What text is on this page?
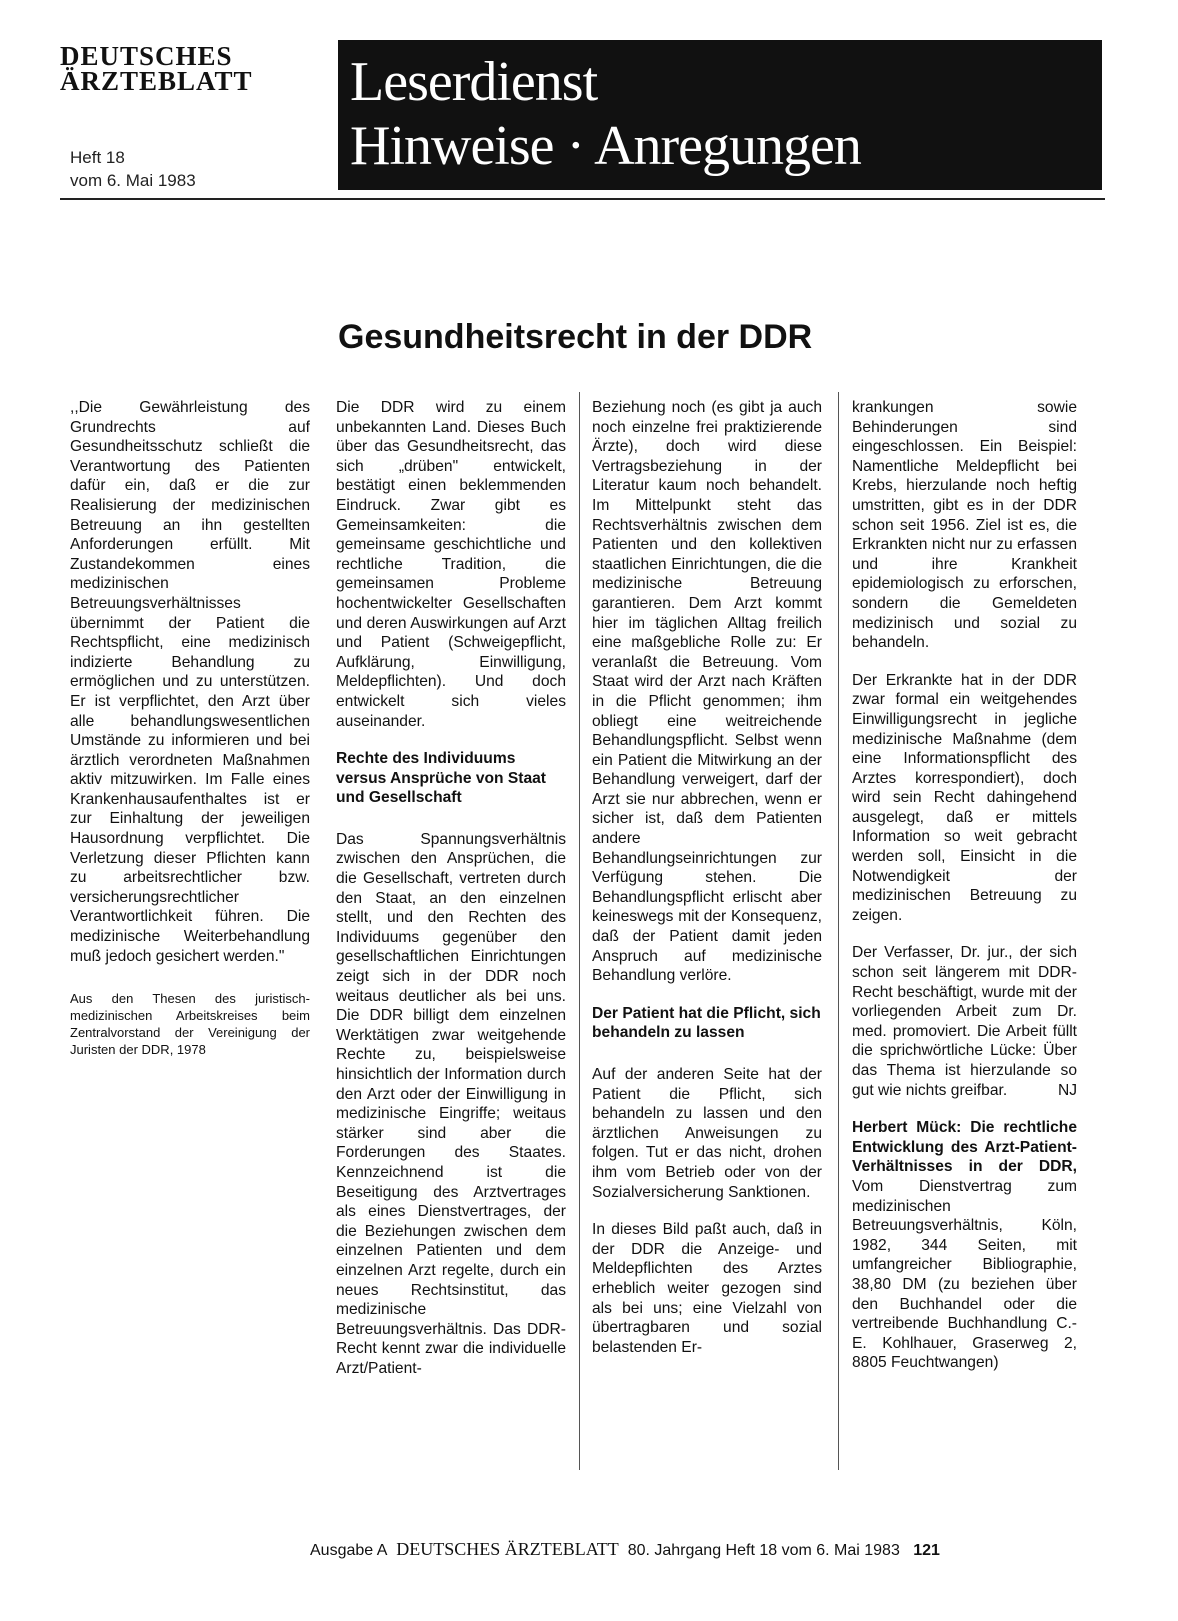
DEUTSCHES
ÄRZTEBLATT
Heft 18
vom 6. Mai 1983
Leserdienst
Hinweise · Anregungen
Gesundheitsrecht in der DDR

,,Die Gewährleistung des Grundrechts auf Gesundheitsschutz schließt die Verantwortung des Patienten dafür ein, daß er die zur Realisierung der medizinischen Betreuung an ihn gestellten Anforderungen erfüllt. Mit Zustandekommen eines medizinischen Betreuungsverhältnisses übernimmt der Patient die Rechtspflicht, eine medizinisch indizierte Behandlung zu ermöglichen und zu unterstützen. Er ist verpflichtet, den Arzt über alle behandlungswesentlichen Umstände zu informieren und bei ärztlich verordneten Maßnahmen aktiv mitzuwirken. Im Falle eines Krankenhausaufenthaltes ist er zur Einhaltung der jeweiligen Hausordnung verpflichtet. Die Verletzung dieser Pflichten kann zu arbeitsrechtlicher bzw. versicherungsrechtlicher Verantwortlichkeit führen. Die medizinische Weiterbehandlung muß jedoch gesichert werden."

Aus den Thesen des juristisch-medizinischen Arbeitskreises beim Zentralvorstand der Vereinigung der Juristen der DDR, 1978

Die DDR wird zu einem unbekannten Land. Dieses Buch über das Gesundheitsrecht, das sich „drüben" entwickelt, bestätigt einen beklemmenden Eindruck. Zwar gibt es Gemeinsamkeiten: die gemeinsame geschichtliche und rechtliche Tradition, die gemeinsamen Probleme hochentwickelter Gesellschaften und deren Auswirkungen auf Arzt und Patient (Schweigepflicht, Aufklärung, Einwilligung, Meldepflichten). Und doch entwickelt sich vieles auseinander.

Rechte des Individuums versus Ansprüche von Staat und Gesellschaft

Das Spannungsverhältnis zwischen den Ansprüchen, die die Gesellschaft, vertreten durch den Staat, an den einzelnen stellt, und den Rechten des Individuums gegenüber den gesellschaftlichen Einrichtungen zeigt sich in der DDR noch weitaus deutlicher als bei uns. Die DDR billigt dem einzelnen Werktätigen zwar weitgehende Rechte zu, beispielsweise hinsichtlich der Information durch den Arzt oder der Einwilligung in medizinische Eingriffe; weitaus stärker sind aber die Forderungen des Staates. Kennzeichnend ist die Beseitigung des Arztvertrages als eines Dienstvertrages, der die Beziehungen zwischen dem einzelnen Patienten und dem einzelnen Arzt regelte, durch ein neues Rechtsinstitut, das medizinische Betreuungsverhältnis. Das DDR-Recht kennt zwar die individuelle Arzt/Patient-

Beziehung noch (es gibt ja auch noch einzelne frei praktizierende Ärzte), doch wird diese Vertragsbeziehung in der Literatur kaum noch behandelt. Im Mittelpunkt steht das Rechtsverhältnis zwischen dem Patienten und den kollektiven staatlichen Einrichtungen, die die medizinische Betreuung garantieren. Dem Arzt kommt hier im täglichen Alltag freilich eine maßgebliche Rolle zu: Er veranlaßt die Betreuung. Vom Staat wird der Arzt nach Kräften in die Pflicht genommen; ihm obliegt eine weitreichende Behandlungspflicht. Selbst wenn ein Patient die Mitwirkung an der Behandlung verweigert, darf der Arzt sie nur abbrechen, wenn er sicher ist, daß dem Patienten andere Behandlungseinrichtungen zur Verfügung stehen. Die Behandlungspflicht erlischt aber keineswegs mit der Konsequenz, daß der Patient damit jeden Anspruch auf medizinische Behandlung verlöre.

Der Patient hat die Pflicht, sich behandeln zu lassen

Auf der anderen Seite hat der Patient die Pflicht, sich behandeln zu lassen und den ärztlichen Anweisungen zu folgen. Tut er das nicht, drohen ihm vom Betrieb oder von der Sozialversicherung Sanktionen.

In dieses Bild paßt auch, daß in der DDR die Anzeige- und Meldepflichten des Arztes erheblich weiter gezogen sind als bei uns; eine Vielzahl von übertragbaren und sozial belastenden Er-

krankungen sowie Behinderungen sind eingeschlossen. Ein Beispiel: Namentliche Meldepflicht bei Krebs, hierzulande noch heftig umstritten, gibt es in der DDR schon seit 1956. Ziel ist es, die Erkrankten nicht nur zu erfassen und ihre Krankheit epidemiologisch zu erforschen, sondern die Gemeldeten medizinisch und sozial zu behandeln.

Der Erkrankte hat in der DDR zwar formal ein weitgehendes Einwilligungsrecht in jegliche medizinische Maßnahme (dem eine Informationspflicht des Arztes korrespondiert), doch wird sein Recht dahingehend ausgelegt, daß er mittels Information so weit gebracht werden soll, Einsicht in die Notwendigkeit der medizinischen Betreuung zu zeigen.

Der Verfasser, Dr. jur., der sich schon seit längerem mit DDR-Recht beschäftigt, wurde mit der vorliegenden Arbeit zum Dr. med. promoviert. Die Arbeit füllt die sprichwörtliche Lücke: Über das Thema ist hierzulande so gut wie nichts greifbar.	NJ

Herbert Mück: Die rechtliche Entwicklung des Arzt-Patient-Verhältnisses in der DDR, Vom Dienstvertrag zum medizinischen Betreuungsverhältnis, Köln, 1982, 344 Seiten, mit umfangreicher Bibliographie, 38,80 DM (zu beziehen über den Buchhandel oder die vertreibende Buchhandlung C.-E. Kohlhauer, Graserweg 2, 8805 Feuchtwangen)

Ausgabe A DEUTSCHES ÄRZTEBLATT 80. Jahrgang Heft 18 vom 6. Mai 1983 121
